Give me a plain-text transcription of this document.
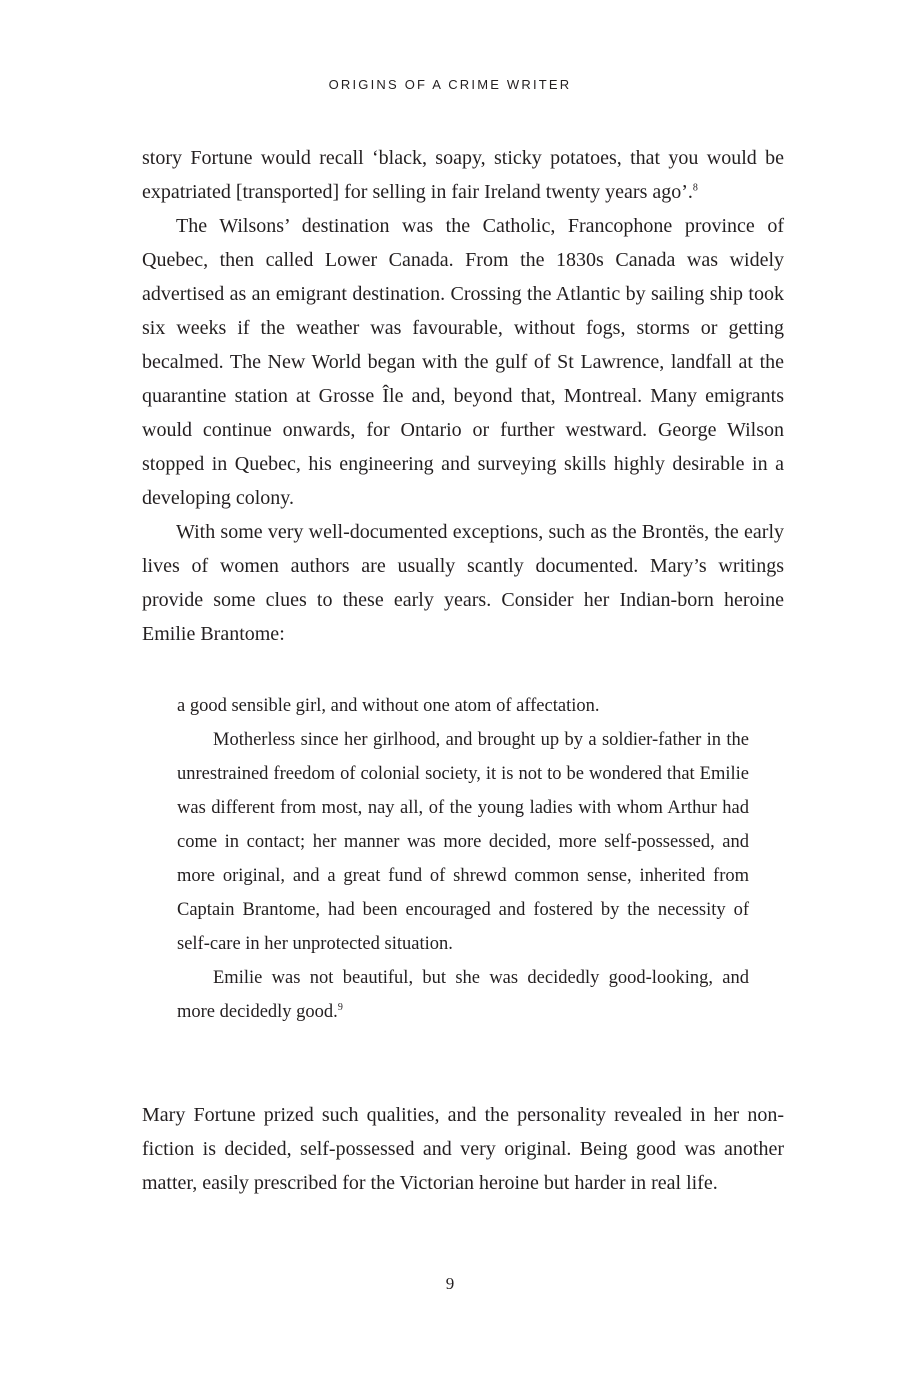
ORIGINS OF A CRIME WRITER

story Fortune would recall ‘black, soapy, sticky potatoes, that you would be expatriated [transported] for selling in fair Ireland twenty years ago’.$^8$

The Wilsons’ destination was the Catholic, Francophone province of Quebec, then called Lower Canada. From the 1830s Canada was widely advertised as an emigrant destination. Crossing the Atlantic by sailing ship took six weeks if the weather was favourable, without fogs, storms or getting becalmed. The New World began with the gulf of St Lawrence, landfall at the quarantine station at Grosse Île and, beyond that, Montreal. Many emigrants would continue onwards, for Ontario or further westward. George Wilson stopped in Quebec, his engineering and surveying skills highly desirable in a developing colony.

With some very well-documented exceptions, such as the Brontës, the early lives of women authors are usually scantly documented. Mary’s writings provide some clues to these early years. Consider her Indian-born heroine Emilie Brantome:

a good sensible girl, and without one atom of affectation.

Motherless since her girlhood, and brought up by a soldier-father in the unrestrained freedom of colonial society, it is not to be wondered that Emilie was different from most, nay all, of the young ladies with whom Arthur had come in contact; her manner was more decided, more self-possessed, and more original, and a great fund of shrewd common sense, inherited from Captain Brantome, had been encouraged and fostered by the necessity of self-care in her unprotected situation.

Emilie was not beautiful, but she was decidedly good-looking, and more decidedly good.$^9$

Mary Fortune prized such qualities, and the personality revealed in her non-fiction is decided, self-possessed and very original. Being good was another matter, easily prescribed for the Victorian heroine but harder in real life.

9
